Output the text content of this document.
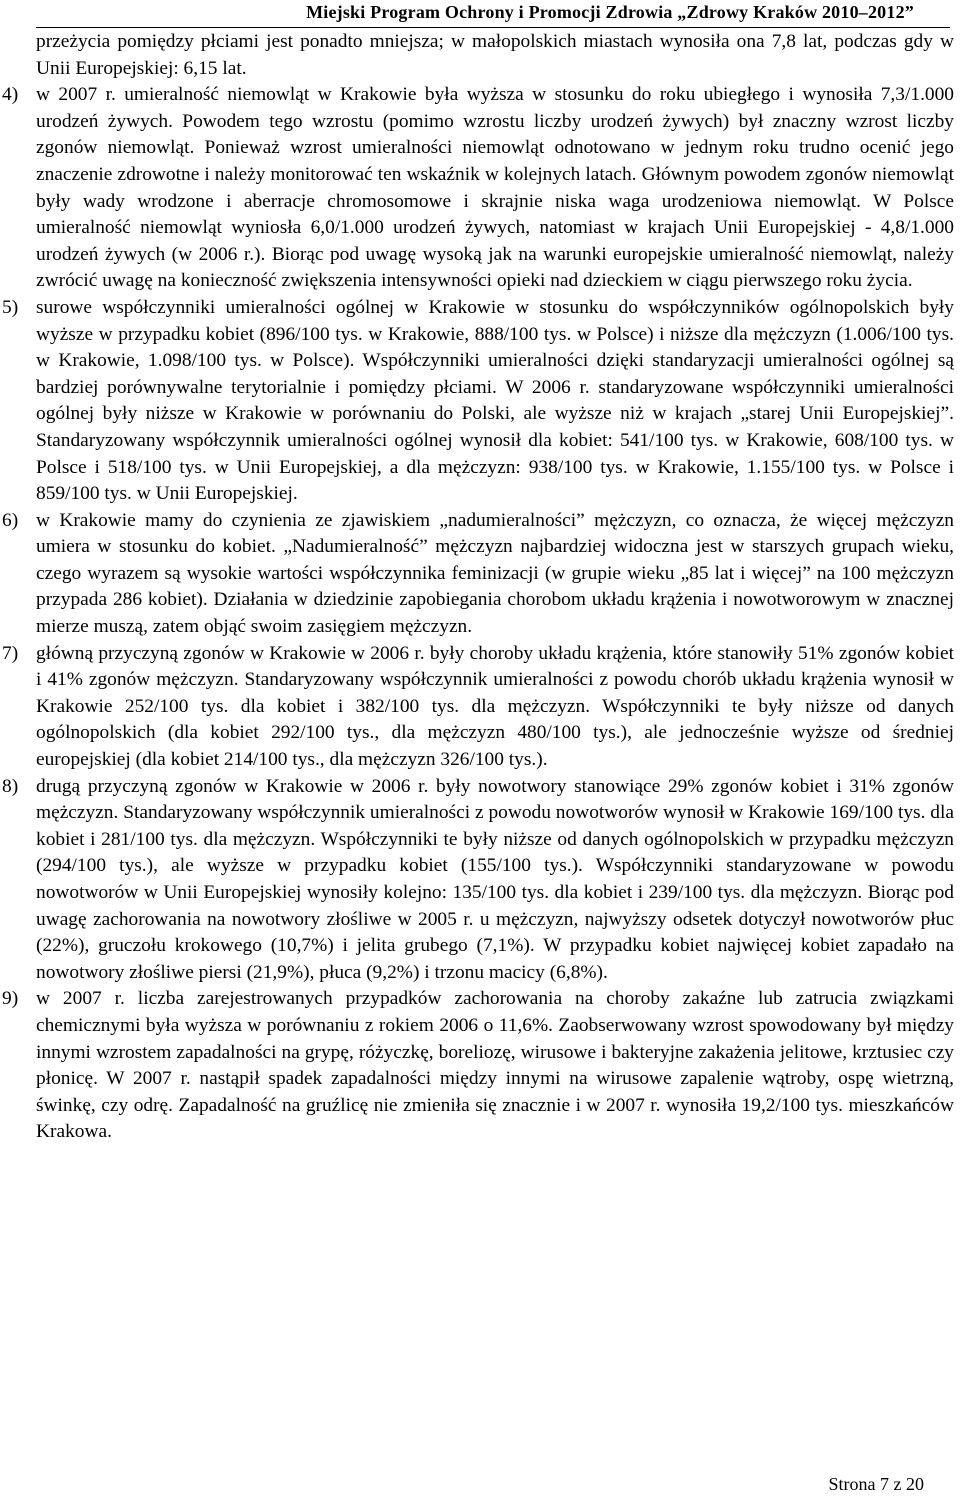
Miejski Program Ochrony i Promocji Zdrowia „Zdrowy Kraków 2010–2012”

przeżycia pomiędzy płciami jest ponadto mniejsza; w małopolskich miastach wynosiła ona 7,8 lat, podczas gdy w Unii Europejskiej: 6,15 lat.

4) w 2007 r. umieralność niemowląt w Krakowie była wyższa w stosunku do roku ubiegłego i wynosiła 7,3/1.000 urodzeń żywych. Powodem tego wzrostu (pomimo wzrostu liczby urodzeń żywych) był znaczny wzrost liczby zgonów niemowląt. Ponieważ wzrost umieralności niemowląt odnotowano w jednym roku trudno ocenić jego znaczenie zdrowotne i należy monitorować ten wskaźnik w kolejnych latach. Głównym powodem zgonów niemowląt były wady wrodzone i aberracje chromosomowe i skrajnie niska waga urodzeniowa niemowląt. W Polsce umieralność niemowląt wyniosła 6,0/1.000 urodzeń żywych, natomiast w krajach Unii Europejskiej - 4,8/1.000 urodzeń żywych (w 2006 r.). Biorąc pod uwagę wysoką jak na warunki europejskie umieralność niemowląt, należy zwrócić uwagę na konieczność zwiększenia intensywności opieki nad dzieckiem w ciągu pierwszego roku życia.

5) surowe współczynniki umieralności ogólnej w Krakowie w stosunku do współczynników ogólnopolskich były wyższe w przypadku kobiet (896/100 tys. w Krakowie, 888/100 tys. w Polsce) i niższe dla mężczyzn (1.006/100 tys. w Krakowie, 1.098/100 tys. w Polsce). Współczynniki umieralności dzięki standaryzacji umieralności ogólnej są bardziej porównywalne terytorialnie i pomiędzy płciami. W 2006 r. standaryzowane współczynniki umieralności ogólnej były niższe w Krakowie w porównaniu do Polski, ale wyższe niż w krajach „starej Unii Europejskiej”. Standaryzowany współczynnik umieralności ogólnej wynosił dla kobiet: 541/100 tys. w Krakowie, 608/100 tys. w Polsce i 518/100 tys. w Unii Europejskiej, a dla mężczyzn: 938/100 tys. w Krakowie, 1.155/100 tys. w Polsce i 859/100 tys. w Unii Europejskiej.

6) w Krakowie mamy do czynienia ze zjawiskiem „nadumieralności” mężczyzn, co oznacza, że więcej mężczyzn umiera w stosunku do kobiet. „Nadumieralność” mężczyzn najbardziej widoczna jest w starszych grupach wieku, czego wyrazem są wysokie wartości współczynnika feminizacji (w grupie wieku „85 lat i więcej” na 100 mężczyzn przypada 286 kobiet). Działania w dziedzinie zapobiegania chorobom układu krążenia i nowotworowym w znacznej mierze muszą, zatem objąć swoim zasięgiem mężczyzn.

7) główną przyczyną zgonów w Krakowie w 2006 r. były choroby układu krążenia, które stanowiły 51% zgonów kobiet i 41% zgonów mężczyzn. Standaryzowany współczynnik umieralności z powodu chorób układu krążenia wynosił w Krakowie 252/100 tys. dla kobiet i 382/100 tys. dla mężczyzn. Współczynniki te były niższe od danych ogólnopolskich (dla kobiet 292/100 tys., dla mężczyzn 480/100 tys.), ale jednocześnie wyższe od średniej europejskiej (dla kobiet 214/100 tys., dla mężczyzn 326/100 tys.).

8) drugą przyczyną zgonów w Krakowie w 2006 r. były nowotwory stanowiące 29% zgonów kobiet i 31% zgonów mężczyzn. Standaryzowany współczynnik umieralności z powodu nowotworów wynosił w Krakowie 169/100 tys. dla kobiet i 281/100 tys. dla mężczyzn. Współczynniki te były niższe od danych ogólnopolskich w przypadku mężczyzn (294/100 tys.), ale wyższe w przypadku kobiet (155/100 tys.). Współczynniki standaryzowane w powodu nowotworów w Unii Europejskiej wynosiły kolejno: 135/100 tys. dla kobiet i 239/100 tys. dla mężczyzn. Biorąc pod uwagę zachorowania na nowotwory złośliwe w 2005 r. u mężczyzn, najwyższy odsetek dotyczył nowotworów płuc (22%), gruczołu krokowego (10,7%) i jelita grubego (7,1%). W przypadku kobiet najwięcej kobiet zapadało na nowotwory złośliwe piersi (21,9%), płuca (9,2%) i trzonu macicy (6,8%).

9) w 2007 r. liczba zarejestrowanych przypadków zachorowania na choroby zakaźne lub zatrucia związkami chemicznymi była wyższa w porównaniu z rokiem 2006 o 11,6%. Zaobserwowany wzrost spowodowany był między innymi wzrostem zapadalności na grypę, różyczkę, boreliozę, wirusowe i bakteryjne zakażenia jelitowe, krztusiec czy płonicę. W 2007 r. nastąpił spadek zapadalności między innymi na wirusowe zapalenie wątroby, ospę wietrzną, świnkę, czy odrę. Zapadalność na gruźlicę nie zmieniła się znacznie i w 2007 r. wynosiła 19,2/100 tys. mieszkańców Krakowa.

Strona 7 z 20
